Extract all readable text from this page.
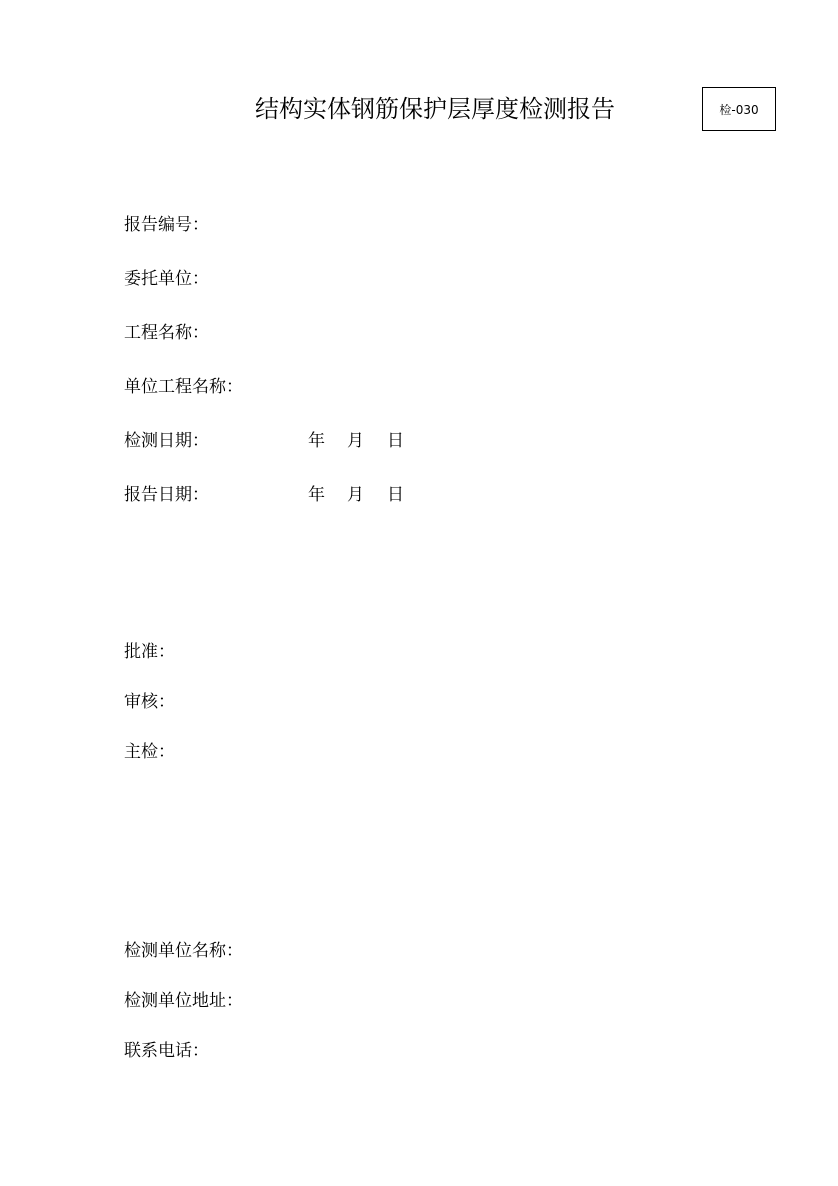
结构实体钢筋保护层厚度检测报告	检-030
报告编号：
委托单位：
工程名称：
单位工程名称：
检测日期：	年 月 日
报告日期：	年 月 日
批准：
审核：
主检：
检测单位名称：
检测单位地址：
联系电话：
